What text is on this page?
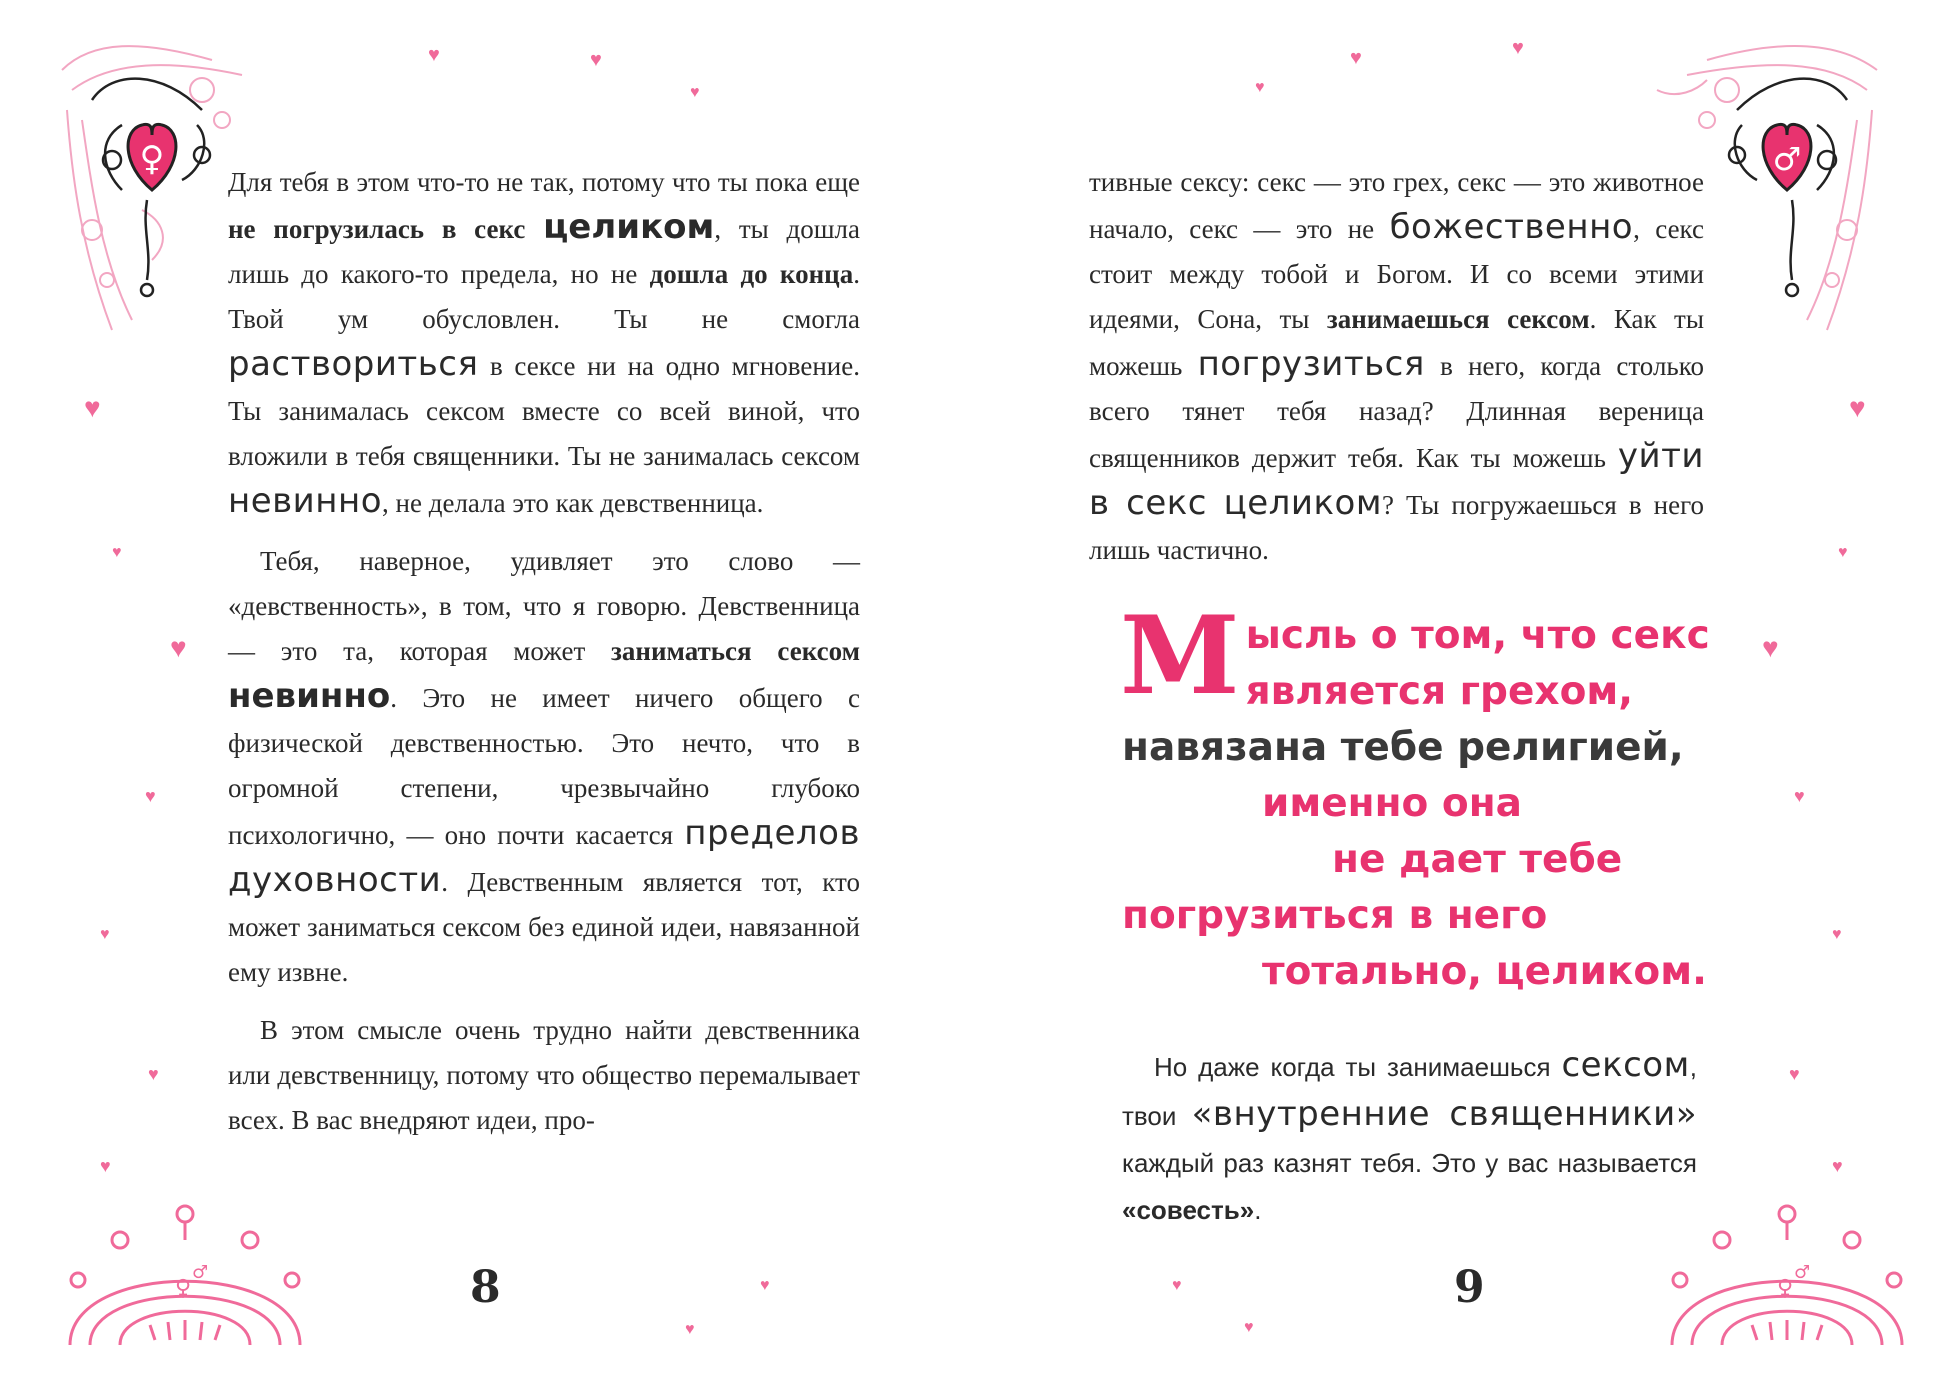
♀

Для тебя в этом что-то не так, потому что ты пока еще не погрузилась в секс целиком, ты дошла лишь до какого-то предела, но не дошла до конца. Твой ум обусловлен. Ты не смогла раствориться в сексе ни на одно мгновение. Ты занималась сексом вместе со всей виной, что вложили в тебя священники. Ты не занималась сексом невинно, не делала это как девственница.

Тебя, наверное, удивляет это слово — «девственность», в том, что я говорю. Девственница — это та, которая может заниматься сексом невинно. Это не имеет ничего общего с физической девственностью. Это нечто, что в огромной степени, чрезвычайно глубоко психологично, — оно почти касается пределов духовности. Девственным является тот, кто может заниматься сексом без единой идеи, навязанной ему извне.

В этом смысле очень трудно найти девственника или девственницу, потому что общество перемалывает всех. В вас внедряют идеи, про-

8
♀
♂
♥	♥
♥
♥
♥
♥
♥
♥
♥
♥
♥
♥

тивные сексу: секс — это грех, секс — это животное начало, секс — это не божественно, секс стоит между тобой и Богом. И со всеми этими идеями, Сона, ты занимаешься сексом. Как ты можешь погрузиться в него, когда столько всего тянет тебя назад? Длинная вереница священников держит тебя. Как ты можешь уйти в секс целиком? Ты погружаешься в него лишь частично.

М ысль о том, что секс
является грехом,
навязана тебе религией,
именно она
не дает тебе
погрузиться в него
тотально, целиком.

Но даже когда ты занимаешься сексом, твои «внутренние священники» каждый раз казнят тебя. Это у вас называется «совесть».

9
♂
♀
♂
♥	♥
♥
♥
♥
♥
♥
♥
♥
♥
♥
♥
